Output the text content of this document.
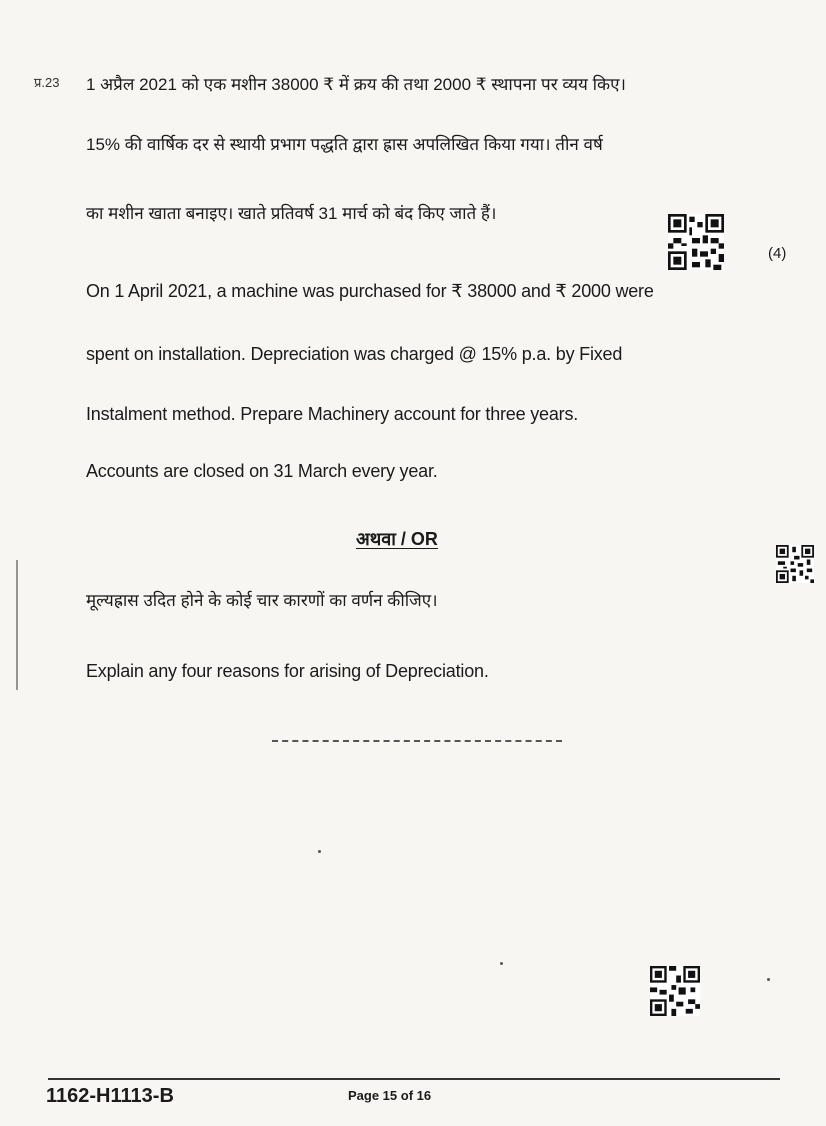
प्र.23 1 अप्रैल 2021 को एक मशीन 38000 ₹ में क्रय की तथा 2000 ₹ स्थापना पर व्यय किए।
15% की वार्षिक दर से स्थायी प्रभाग पद्धति द्वारा ह्रास अपलिखित किया गया। तीन वर्ष
का मशीन खाता बनाइए। खाते प्रतिवर्ष 31 मार्च को बंद किए जाते हैं।
(4)
On 1 April 2021, a machine was purchased for ₹ 38000 and ₹ 2000 were
spent on installation. Depreciation was charged @ 15% p.a. by Fixed
Instalment method. Prepare Machinery account for three years.
Accounts are closed on 31 March every year.
अथवा / OR
मूल्यह्रास उदित होने के कोई चार कारणों का वर्णन कीजिए।
Explain any four reasons for arising of Depreciation.
1162-H1113-B	Page 15 of 16
